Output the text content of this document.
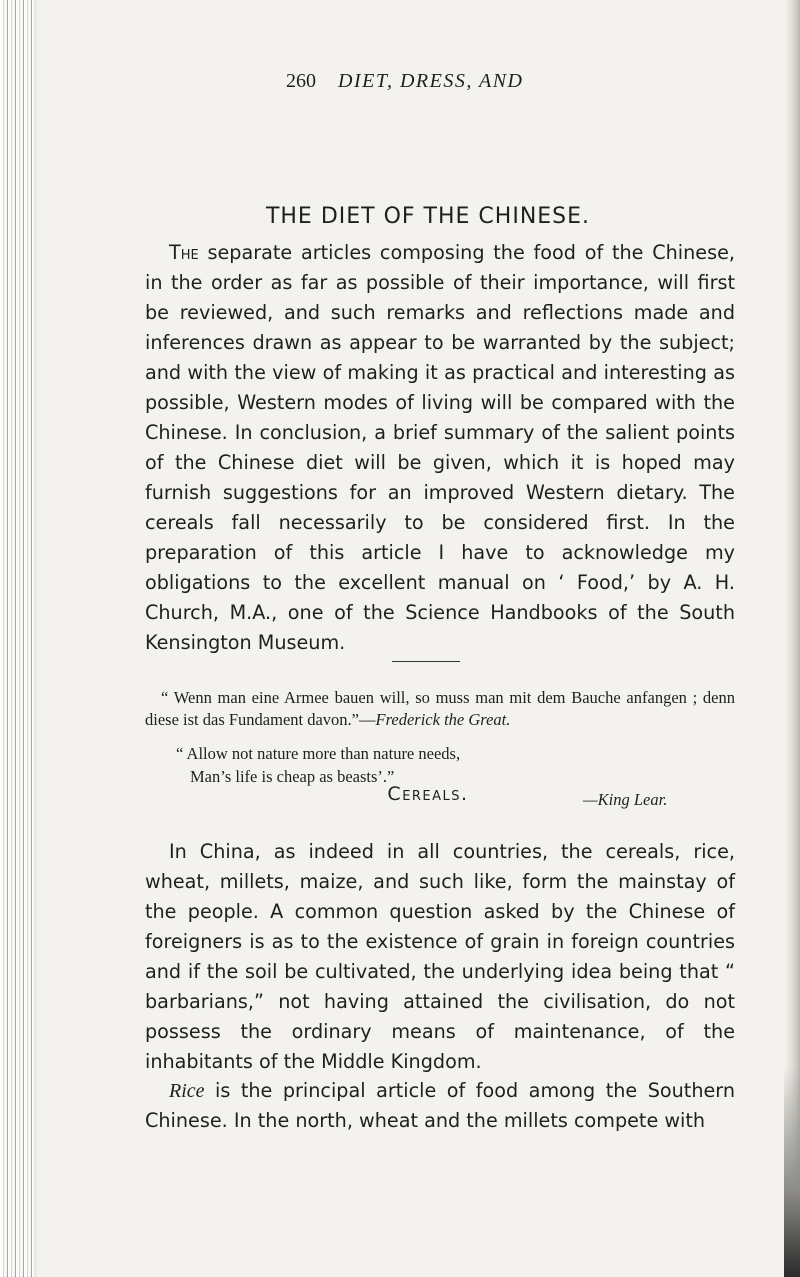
260 DIET, DRESS, AND
THE DIET OF THE CHINESE.

The separate articles composing the food of the Chinese, in the order as far as possible of their importance, will first be reviewed, and such remarks and reflections made and inferences drawn as appear to be warranted by the subject; and with the view of making it as practical and interesting as possible, Western modes of living will be compared with the Chinese. In conclusion, a brief summary of the salient points of the Chinese diet will be given, which it is hoped may furnish suggestions for an improved Western dietary. The cereals fall necessarily to be considered first. In the preparation of this article I have to acknowledge my obligations to the excellent manual on ‘ Food,’ by A. H. Church, M.A., one of the Science Handbooks of the South Kensington Museum.

“ Wenn man eine Armee bauen will, so muss man mit dem Bauche anfangen ; denn diese ist das Fundament davon.”—Frederick the Great.
“ Allow not nature more than nature needs,
Man’s life is cheap as beasts’.”
—King Lear.
Cereals.

In China, as indeed in all countries, the cereals, rice, wheat, millets, maize, and such like, form the mainstay of the people. A common question asked by the Chinese of foreigners is as to the existence of grain in foreign countries and if the soil be cultivated, the underlying idea being that “ barbarians,” not having attained the civilisation, do not possess the ordinary means of maintenance, of the inhabitants of the Middle Kingdom.

Rice is the principal article of food among the Southern Chinese. In the north, wheat and the millets compete with
